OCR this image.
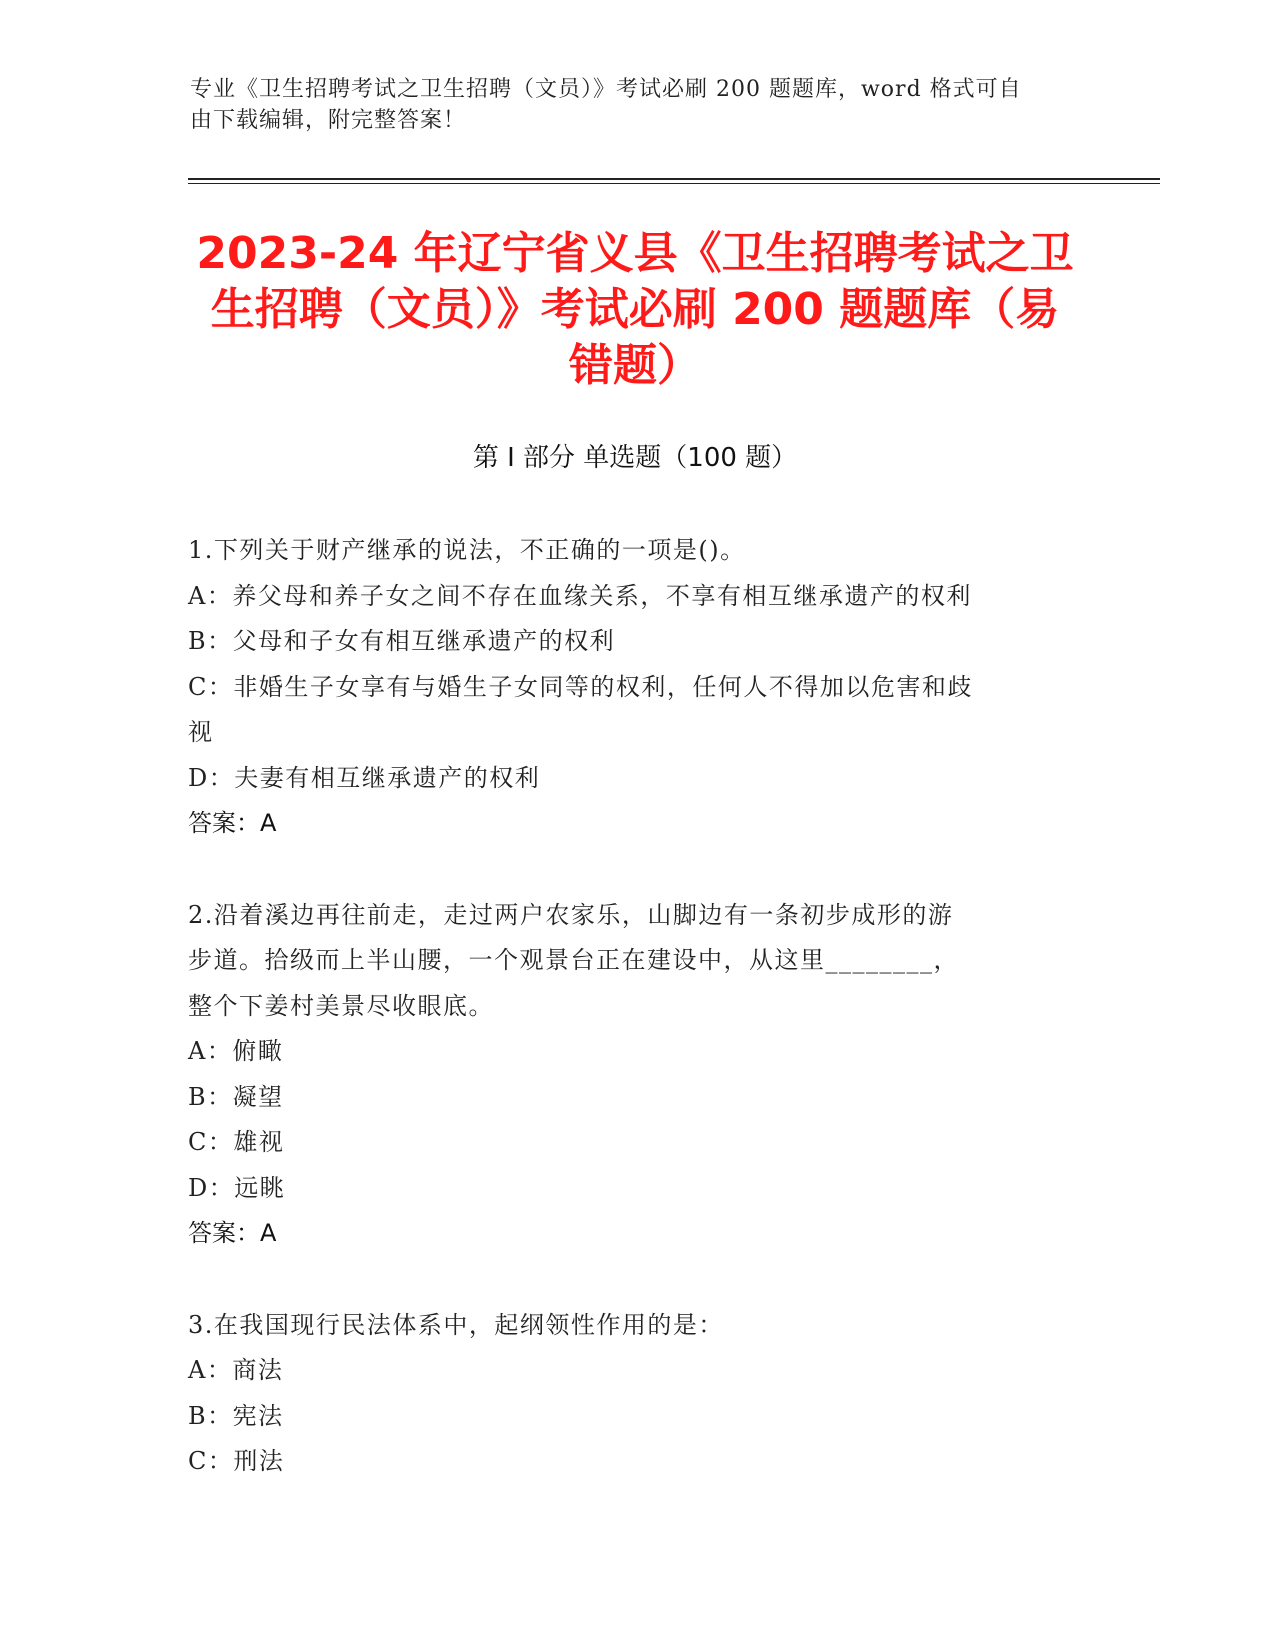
专业《卫生招聘考试之卫生招聘（文员）》考试必刷 200 题题库，word 格式可自
由下载编辑，附完整答案！
2023-24 年辽宁省义县《卫生招聘考试之卫
生招聘（文员）》考试必刷 200 题题库（易
错题）
第 I 部分 单选题（100 题）
1.下列关于财产继承的说法，不正确的一项是()。
A：养父母和养子女之间不存在血缘关系，不享有相互继承遗产的权利
B：父母和子女有相互继承遗产的权利
C：非婚生子女享有与婚生子女同等的权利，任何人不得加以危害和歧
视
D：夫妻有相互继承遗产的权利
答案：A
2.沿着溪边再往前走，走过两户农家乐，山脚边有一条初步成形的游
步道。拾级而上半山腰，一个观景台正在建设中，从这里________，
整个下姜村美景尽收眼底。
A：俯瞰
B：凝望
C：雄视
D：远眺
答案：A
3.在我国现行民法体系中，起纲领性作用的是：
A：商法
B：宪法
C：刑法
